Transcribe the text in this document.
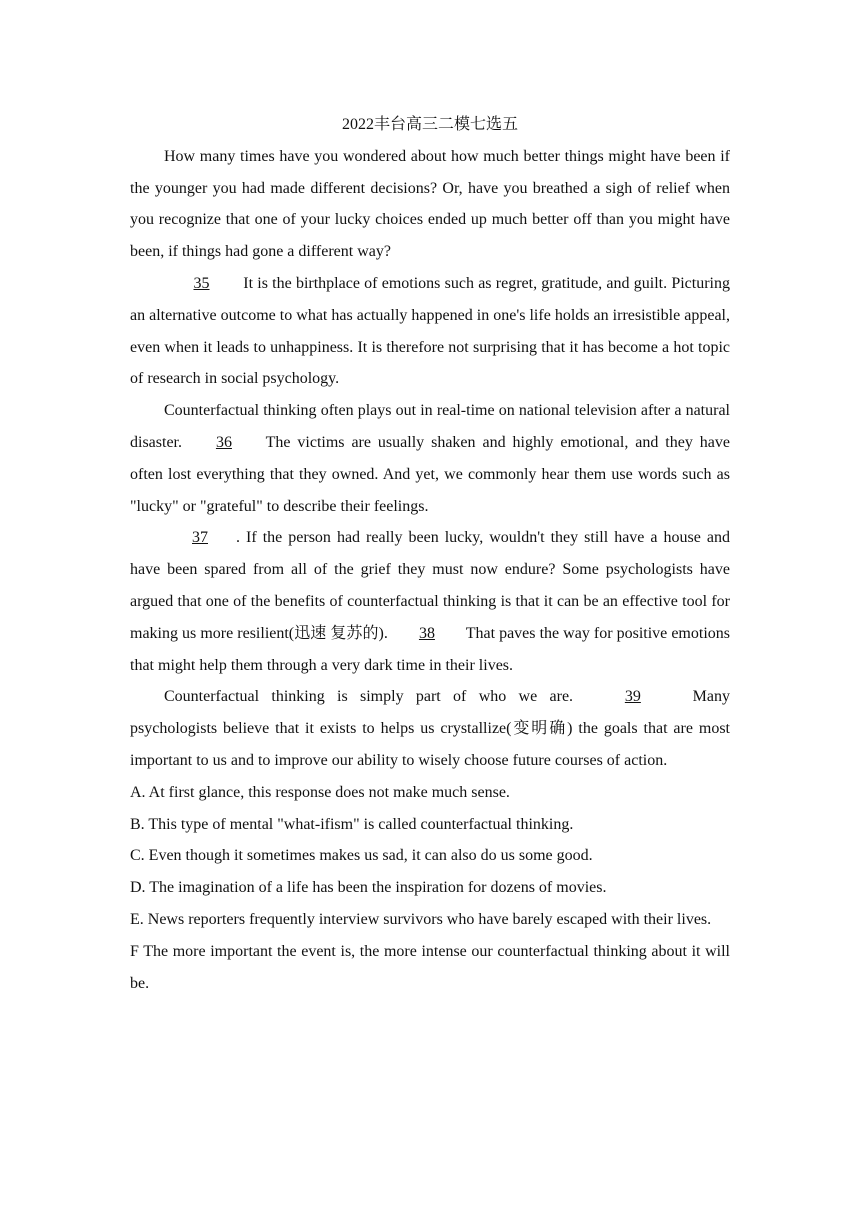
2022丰台高三二模七选五

How many times have you wondered about how much better things might have been if the younger you had made different decisions? Or, have you breathed a sigh of relief when you recognize that one of your lucky choices ended up much better off than you might have been, if things had gone a different way?

35 It is the birthplace of emotions such as regret, gratitude, and guilt. Picturing an alternative outcome to what has actually happened in one's life holds an irresistible appeal, even when it leads to unhappiness. It is therefore not surprising that it has become a hot topic of research in social psychology.

Counterfactual thinking often plays out in real-time on national television after a natural disaster. 36 The victims are usually shaken and highly emotional, and they have often lost everything that they owned. And yet, we commonly hear them use words such as "lucky" or "grateful" to describe their feelings.

37 . If the person had really been lucky, wouldn't they still have a house and have been spared from all of the grief they must now endure? Some psychologists have argued that one of the benefits of counterfactual thinking is that it can be an effective tool for making us more resilient(迅速 复苏的). 38 That paves the way for positive emotions that might help them through a very dark time in their lives.

Counterfactual thinking is simply part of who we are. 39 Many psychologists believe that it exists to helps us crystallize(变明确) the goals that are most important to us and to improve our ability to wisely choose future courses of action.

A. At first glance, this response does not make much sense.

B. This type of mental "what-ifism" is called counterfactual thinking.

C. Even though it sometimes makes us sad, it can also do us some good.

D. The imagination of a life has been the inspiration for dozens of movies.

E. News reporters frequently interview survivors who have barely escaped with their lives.

F The more important the event is, the more intense our counterfactual thinking about it will be.
